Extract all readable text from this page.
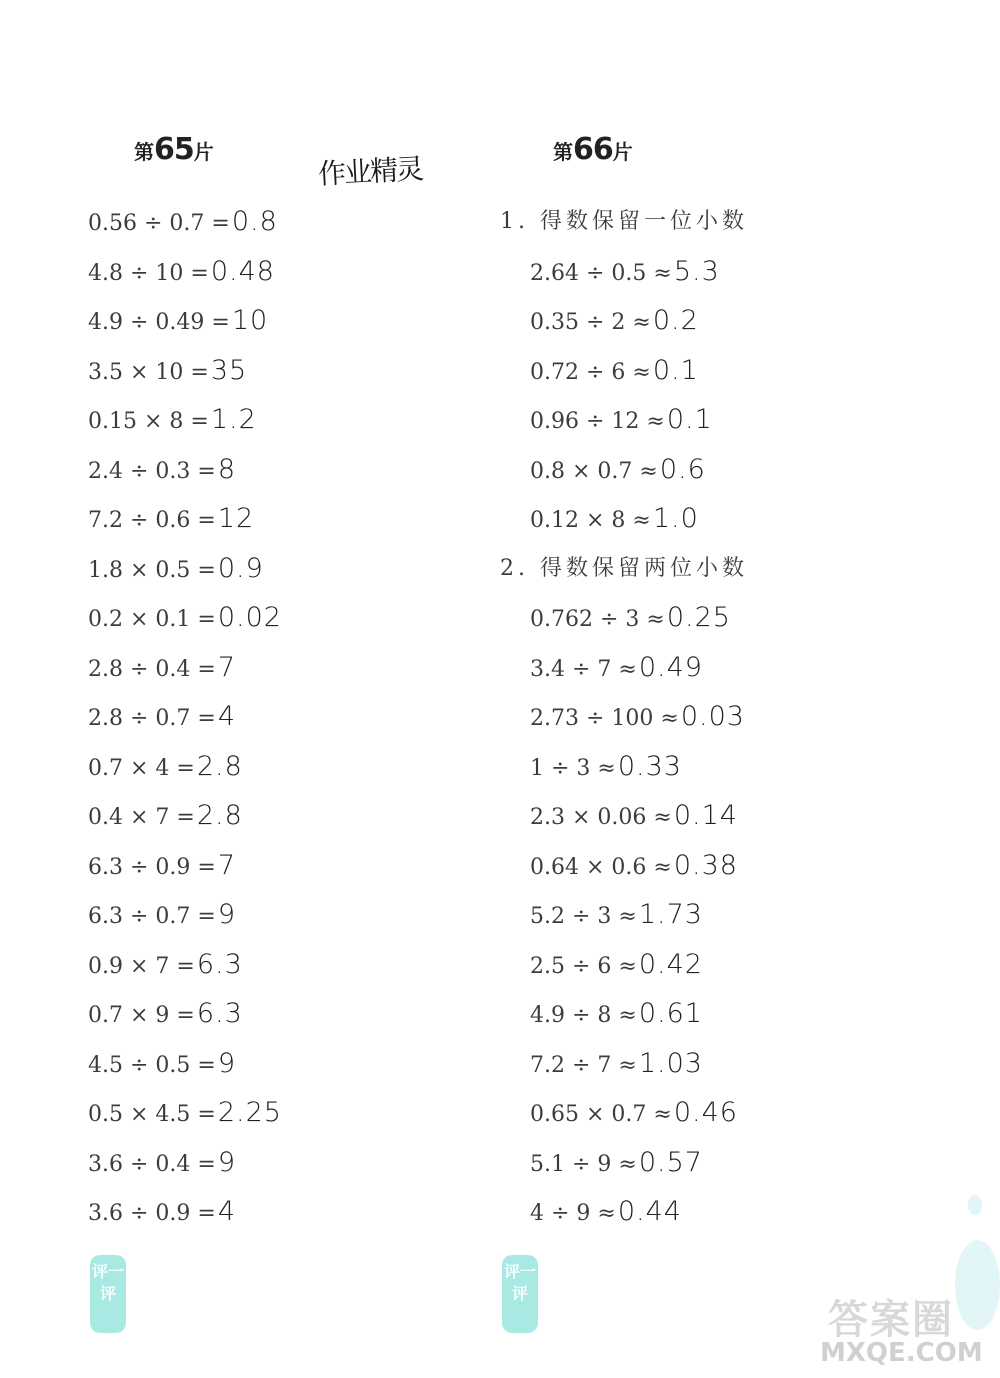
第65片
作业精灵
第66片
0.56 ÷ 0.7 =0.8
4.8 ÷ 10 =0.48
4.9 ÷ 0.49 =10
3.5 × 10 =35
0.15 × 8 =1.2
2.4 ÷ 0.3 =8
7.2 ÷ 0.6 =12
1.8 × 0.5 =0.9
0.2 × 0.1 =0.02
2.8 ÷ 0.4 =7
2.8 ÷ 0.7 =4
0.7 × 4 =2.8
0.4 × 7 =2.8
6.3 ÷ 0.9 =7
6.3 ÷ 0.7 =9
0.9 × 7 =6.3
0.7 × 9 =6.3
4.5 ÷ 0.5 =9
0.5 × 4.5 =2.25
3.6 ÷ 0.4 =9
3.6 ÷ 0.9 =4
1. 得数保留一位小数
2.64 ÷ 0.5 ≈5.3
0.35 ÷ 2 ≈0.2
0.72 ÷ 6 ≈0.1
0.96 ÷ 12 ≈0.1
0.8 × 0.7 ≈0.6
0.12 × 8 ≈1.0
2. 得数保留两位小数
0.762 ÷ 3 ≈0.25
3.4 ÷ 7 ≈0.49
2.73 ÷ 100 ≈0.03
1 ÷ 3 ≈0.33
2.3 × 0.06 ≈0.14
0.64 × 0.6 ≈0.38
5.2 ÷ 3 ≈1.73
2.5 ÷ 6 ≈0.42
4.9 ÷ 8 ≈0.61
7.2 ÷ 7 ≈1.03
0.65 × 0.7 ≈0.46
5.1 ÷ 9 ≈0.57
4 ÷ 9 ≈0.44
评一评
评一评
答案圈
MXQE.COM
